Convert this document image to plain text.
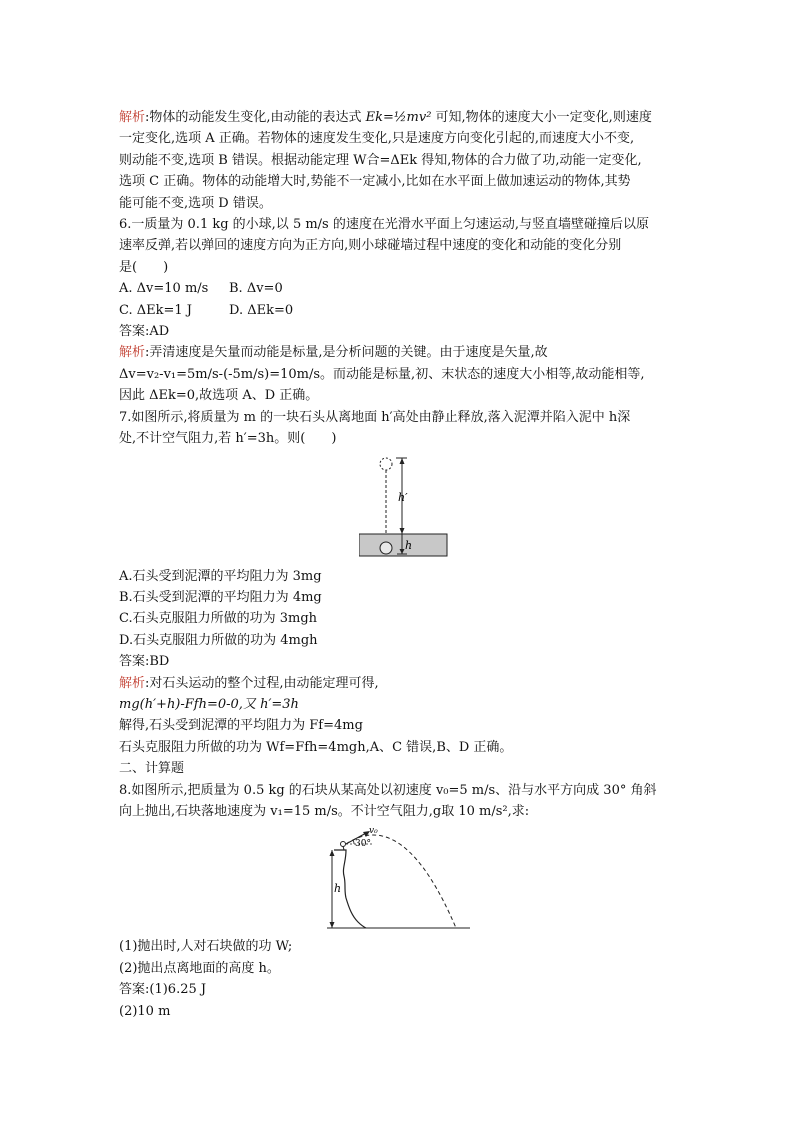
解析:物体的动能发生变化,由动能的表达式 Ek=½mv² 可知,物体的速度大小一定变化,则速度
一定变化,选项 A 正确。若物体的速度发生变化,只是速度方向变化引起的,而速度大小不变,
则动能不变,选项 B 错误。根据动能定理 W合=ΔEk 得知,物体的合力做了功,动能一定变化,
选项 C 正确。物体的动能增大时,势能不一定减小,比如在水平面上做加速运动的物体,其势
能可能不变,选项 D 错误。
6.一质量为 0.1 kg 的小球,以 5 m/s 的速度在光滑水平面上匀速运动,与竖直墙壁碰撞后以原
速率反弹,若以弹回的速度方向为正方向,则小球碰墙过程中速度的变化和动能的变化分别
是(　　)
A. Δv=10 m/s B. Δv=0
C. ΔEk=1 J	D. ΔEk=0
答案:AD
解析:弄清速度是矢量而动能是标量,是分析问题的关键。由于速度是矢量,故
Δv=v₂-v₁=5m/s-(-5m/s)=10m/s。而动能是标量,初、末状态的速度大小相等,故动能相等,
因此 ΔEk=0,故选项 A、D 正确。
7.如图所示,将质量为 m 的一块石头从离地面 h′高处由静止释放,落入泥潭并陷入泥中 h深
处,不计空气阻力,若 h′=3h。则(　　)
h′
h
A.石头受到泥潭的平均阻力为 3mg
B.石头受到泥潭的平均阻力为 4mg
C.石头克服阻力所做的功为 3mgh
D.石头克服阻力所做的功为 4mgh
答案:BD
解析:对石头运动的整个过程,由动能定理可得,
mg(h′+h)-Ffh=0-0,又 h′=3h
解得,石头受到泥潭的平均阻力为 Ff=4mg
石头克服阻力所做的功为 Wf=Ffh=4mgh,A、C 错误,B、D 正确。
二、计算题
8.如图所示,把质量为 0.5 kg 的石块从某高处以初速度 v₀=5 m/s、沿与水平方向成 30° 角斜
向上抛出,石块落地速度为 v₁=15 m/s。不计空气阻力,g取 10 m/s²,求:
h
v₀
30°
(1)抛出时,人对石块做的功 W;
(2)抛出点离地面的高度 h。
答案:(1)6.25 J
(2)10 m
